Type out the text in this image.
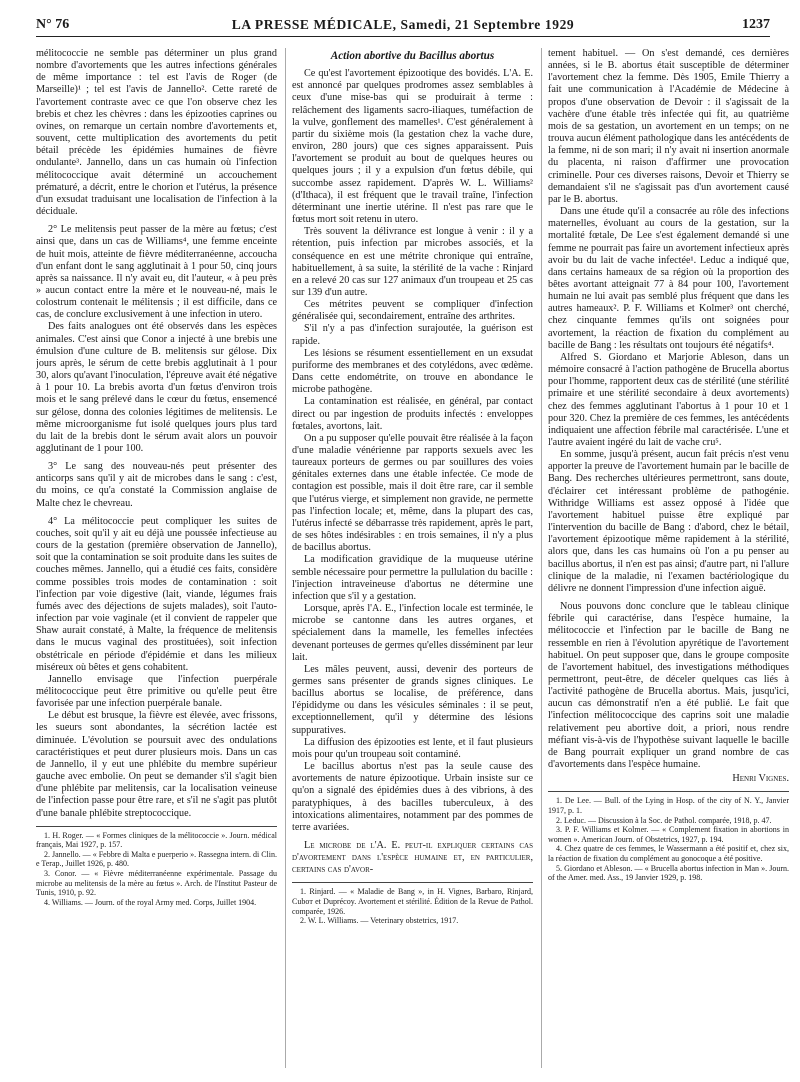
N° 76	LA PRESSE MÉDICALE, Samedi, 21 Septembre 1929	1237

mélitococcie ne semble pas déterminer un plus grand nombre d'avortements que les autres infections générales de même importance : tel est l'avis de Roger (de Marseille)¹ ; tel est l'avis de Jannello². Cette rareté de l'avortement contraste avec ce que l'on observe chez les brebis et chez les chèvres : dans les épizooties caprines ou ovines, on remarque un certain nombre d'avortements et, souvent, cette multiplication des avortements du petit bétail précède les épidémies humaines de fièvre ondulante³. Jannello, dans un cas humain où l'infection mélitococcique avait déterminé un accouchement prématuré, a décrit, entre le chorion et l'utérus, la présence d'un exsudat traduisant une localisation de l'infection à la déciduale.

2° Le melitensis peut passer de la mère au fœtus; c'est ainsi que, dans un cas de Williams⁴, une femme enceinte de huit mois, atteinte de fièvre méditerranéenne, accoucha d'un enfant dont le sang agglutinait à 1 pour 50, cinq jours après sa naissance. Il n'y avait eu, dit l'auteur, « à peu près » aucun contact entre la mère et le nouveau-né, mais le colostrum contenait le mélitensis ; il est difficile, dans ce cas, de conclure exclusivement à une infection in utero.

Des faits analogues ont été observés dans les espèces animales. C'est ainsi que Conor a injecté à une brebis une émulsion d'une culture de B. melitensis sur gélose. Dix jours après, le sérum de cette brebis agglutinait à 1 pour 30, alors qu'avant l'inoculation, l'épreuve avait été négative à 1 pour 10. La brebis avorta d'un fœtus d'environ trois mois et le sang prélevé dans le cœur du fœtus, ensemencé sur gélose, donna des colonies légitimes de melitensis. Le même microorganisme fut isolé quelques jours plus tard du lait de la brebis dont le sérum avait alors un pouvoir agglutinant de 1 pour 100.

3° Le sang des nouveau-nés peut présenter des anticorps sans qu'il y ait de microbes dans le sang : c'est, du moins, ce qu'a constaté la Commission anglaise de Malte chez le chevreau.

4° La mélitococcie peut compliquer les suites de couches, soit qu'il y ait eu déjà une poussée infectieuse au cours de la gestation (première observation de Jannello), soit que la contamination se soit produite dans les suites de couches mêmes. Jannello, qui a étudié ces faits, considère comme possibles trois modes de contamination : soit l'infection par voie digestive (lait, viande, légumes frais fumés avec des déjections de sujets malades), soit l'auto-infection par voie vaginale (et il convient de rappeler que Shaw aurait constaté, à Malte, la fréquence de melitensis dans le mucus vaginal des prostituées), soit infection obstétricale en période d'épidémie et dans les milieux miséreux où bêtes et gens cohabitent.

Jannello envisage que l'infection puerpérale mélitococcique peut être primitive ou qu'elle peut être favorisée par une infection puerpérale banale.

Le début est brusque, la fièvre est élevée, avec frissons, les sueurs sont abondantes, la sécrétion lactée est diminuée. L'évolution se poursuit avec des ondulations caractéristiques et peut durer plusieurs mois. Dans un cas de Jannello, il y eut une phlébite du membre supérieur gauche avec embolie. On peut se demander s'il s'agit bien d'une phlébite par melitensis, car la localisation veineuse de l'infection passe pour être rare, et s'il ne s'agit pas plutôt d'une banale phlébite streptococcique.

1. H. Roger. — « Formes cliniques de la mélitococcie ». Journ. médical français, Mai 1927, p. 157.

2. Jannello. — « Febbre di Malta e puerperio ». Rassegna intern. di Clin. e Terap., Juillet 1926, p. 480.

3. Conor. — « Fièvre méditerranéenne expérimentale. Passage du microbe au melitensis de la mère au fœtus ». Arch. de l'Institut Pasteur de Tunis, 1910, p. 92.

4. Williams. — Journ. of the royal Army med. Corps, Juillet 1904.

Action abortive du Bacillus abortus

Ce qu'est l'avortement épizootique des bovidés. L'A. E. est annoncé par quelques prodromes assez semblables à ceux d'une mise-bas qui se produirait à terme : relâchement des ligaments sacro-iliaques, tuméfaction de la vulve, gonflement des mamelles¹. C'est généralement à partir du sixième mois (la gestation chez la vache dure, environ, 280 jours) que ces signes apparaissent. Puis l'avortement se produit au bout de quelques heures ou quelques jours ; il y a expulsion d'un fœtus débile, qui succombe assez rapidement. D'après W. L. Williams² (d'Ithaca), il est fréquent que le travail traîne, l'infection déterminant une inertie utérine. Il n'est pas rare que le fœtus mort soit retenu in utero.

Très souvent la délivrance est longue à venir : il y a rétention, puis infection par microbes associés, et la conséquence en est une métrite chronique qui entraîne, habituellement, à sa suite, la stérilité de la vache : Rinjard en a relevé 20 cas sur 127 animaux d'un troupeau et 25 cas sur 139 d'un autre.

Ces métrites peuvent se compliquer d'infection généralisée qui, secondairement, entraîne des arthrites.

S'il n'y a pas d'infection surajoutée, la guérison est rapide.

Les lésions se résument essentiellement en un exsudat puriforme des membranes et des cotylédons, avec œdème. Dans cette endométrite, on trouve en abondance le microbe pathogène.

La contamination est réalisée, en général, par contact direct ou par ingestion de produits infectés : enveloppes fœtales, avortons, lait.

On a pu supposer qu'elle pouvait être réalisée à la façon d'une maladie vénérienne par rapports sexuels avec les taureaux porteurs de germes ou par souillures des voies génitales externes dans une étable infectée. Ce mode de contagion est possible, mais il doit être rare, car il semble que l'utérus vierge, et simplement non gravide, ne permette pas l'infection locale; et, même, dans la plupart des cas, l'utérus infecté se débarrasse très rapidement, après le part, de ses hôtes indésirables : en trois semaines, il n'y a plus de bacillus abortus.

La modification gravidique de la muqueuse utérine semble nécessaire pour permettre la pullulation du bacille : l'injection intraveineuse d'abortus ne détermine une infection que s'il y a gestation.

Lorsque, après l'A. E., l'infection locale est terminée, le microbe se cantonne dans les autres organes, et spécialement dans la mamelle, les femelles infectées devenant porteuses de germes qu'elles disséminent par leur lait.

Les mâles peuvent, aussi, devenir des porteurs de germes sans présenter de grands signes cliniques. Le bacillus abortus se localise, de préférence, dans l'épididyme ou dans les vésicules séminales : il se peut, exceptionnellement, qu'il y détermine des lésions suppuratives.

La diffusion des épizooties est lente, et il faut plusieurs mois pour qu'un troupeau soit contaminé.

Le bacillus abortus n'est pas la seule cause des avortements de nature épizootique. Urbain insiste sur ce qu'on a signalé des épidémies dues à des vibrions, à des paratyphiques, à des bacilles tuberculeux, à des intoxications alimentaires, notamment par des pommes de terre avariées.

Le microbe de l'A. E. peut-il expliquer certains cas d'avortement dans l'espèce humaine et, en particulier, certains cas d'avor-

1. Rinjard. — « Maladie de Bang », in H. Vignes, Barbaro, Rinjard, Cuboт et Duprécoy. Avortement et stérilité. Édition de la Revue de Pathol. comparée, 1926.

2. W. L. Williams. — Veterinary obstetrics, 1917.

tement habituel. — On s'est demandé, ces dernières années, si le B. abortus était susceptible de déterminer l'avortement chez la femme. Dès 1905, Emile Thierry a fait une communication à l'Académie de Médecine à propos d'une observation de Devoir : il s'agissait de la vachère d'une étable très infectée qui fit, au quatrième mois de sa gestation, un avortement en un temps; on ne trouva aucun élément pathologique dans les antécédents de la femme, ni de son mari; il n'y avait ni insertion anormale du placenta, ni raison d'affirmer une provocation criminelle. Pour ces diverses raisons, Devoir et Thierry se demandaient s'il ne s'agissait pas d'un avortement causé par le B. abortus.

Dans une étude qu'il a consacrée au rôle des infections maternelles, évoluant au cours de la gestation, sur la mortalité fœtale, De Lee s'est également demandé si une femme ne pourrait pas faire un avortement infectieux après avoir bu du lait de vache infectée¹. Leduc a indiqué que, dans certains hameaux de sa région où la proportion des bêtes avortant atteignait 77 à 84 pour 100, l'avortement humain ne lui avait pas semblé plus fréquent que dans les autres hameaux². P. F. Williams et Kolmer³ ont cherché, chez cinquante femmes qu'ils ont soignées pour avortement, la réaction de fixation du complément au bacille de Bang : les résultats ont toujours été négatifs⁴.

Alfred S. Giordano et Marjorie Ableson, dans un mémoire consacré à l'action pathogène de Brucella abortus pour l'homme, rapportent deux cas de stérilité (une stérilité primaire et une stérilité secondaire à deux avortements) chez des femmes agglutinant l'abortus à 1 pour 10 et 1 pour 320. Chez la première de ces femmes, les antécédents indiquaient une affection fébrile mal caractérisée. L'une et l'autre avaient ingéré du lait de vache cru⁵.

En somme, jusqu'à présent, aucun fait précis n'est venu apporter la preuve de l'avortement humain par le bacille de Bang. Des recherches ultérieures permettront, sans doute, d'éclairer cet intéressant problème de pathogénie. Withridge Williams est assez opposé à l'idée que l'avortement habituel puisse être expliqué par l'intervention du bacille de Bang : d'abord, chez le bétail, l'avortement épizootique même rapidement à la stérilité, alors que, dans les cas humains où l'on a pu penser au bacillus abortus, il n'en est pas ainsi; d'autre part, ni l'allure clinique de la maladie, ni l'examen bactériologique du délivre ne donnent l'impression d'une infection aiguë.

Nous pouvons donc conclure que le tableau clinique fébrile qui caractérise, dans l'espèce humaine, la mélitococcie et l'infection par le bacille de Bang ne ressemble en rien à l'évolution apyrétique de l'avortement habituel. On peut supposer que, dans le groupe composite de l'avortement habituel, des investigations méthodiques permettront, peut-être, de déceler quelques cas liés à l'activité pathogène de Brucella abortus. Mais, jusqu'ici, aucun cas démonstratif n'en a été publié. Le fait que l'infection mélitococcique des caprins soit une maladie relativement peu abortive doit, a priori, nous rendre méfiant vis-à-vis de l'hypothèse suivant laquelle le bacille de Bang pourrait expliquer un grand nombre de cas d'avortements dans l'espèce humaine.

Henri Vignes.

1. De Lee. — Bull. of the Lying in Hosp. of the city of N. Y., Janvier 1917, p. 1.

2. Leduc. — Discussion à la Soc. de Pathol. comparée, 1918, p. 47.

3. P. F. Williams et Kolmer. — « Complement fixation in abortions in women ». American Journ. of Obstetrics, 1927, p. 194.

4. Chez quatre de ces femmes, le Wassermann a été positif et, chez six, la réaction de fixation du complément au gonocoque a été positive.

5. Giordano et Ableson. — « Brucella abortus infection in Man ». Journ. of the Amer. med. Ass., 19 Janvier 1929, p. 198.
